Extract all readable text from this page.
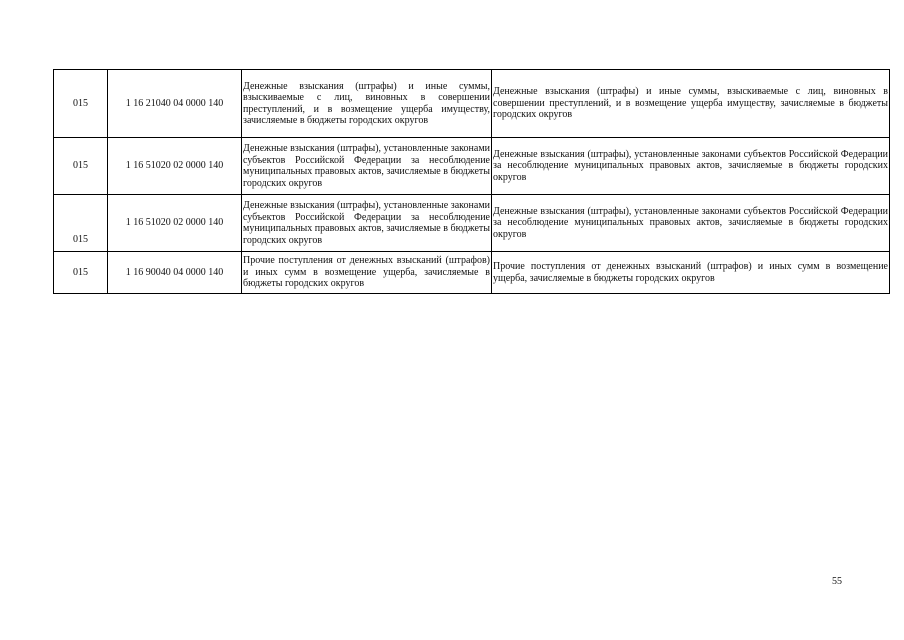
015	1 16 21040 04 0000 140	Денежные взыскания (штрафы) и иные суммы, взыскиваемые с лиц, виновных в совершении преступлений, и в возмещение ущерба имуществу, зачисляемые в бюджеты городских округов	Денежные взыскания (штрафы) и иные суммы, взыскиваемые с лиц, виновных в совершении преступлений, и в возмещение ущерба имуществу, зачисляемые в бюджеты городских округов
015	1 16 51020 02 0000 140	Денежные взыскания (штрафы), установленные законами субъектов Российской Федерации за несоблюдение муниципальных правовых актов, зачисляемые в бюджеты городских округов	Денежные взыскания (штрафы), установленные законами субъектов Российской Федерации за несоблюдение муниципальных правовых актов, зачисляемые в бюджеты городских округов
015	1 16 51020 02 0000 140	Денежные взыскания (штрафы), установленные законами субъектов Российской Федерации за несоблюдение муниципальных правовых актов, зачисляемые в бюджеты городских округов	Денежные взыскания (штрафы), установленные законами субъектов Российской Федерации за несоблюдение муниципальных правовых актов, зачисляемые в бюджеты городских округов
015	1 16 90040 04 0000 140	Прочие поступления от денежных взысканий (штрафов) и иных сумм в возмещение ущерба, зачисляемые в бюджеты городских округов	Прочие поступления от денежных взысканий (штрафов) и иных сумм в возмещение ущерба, зачисляемые в бюджеты городских округов
55
